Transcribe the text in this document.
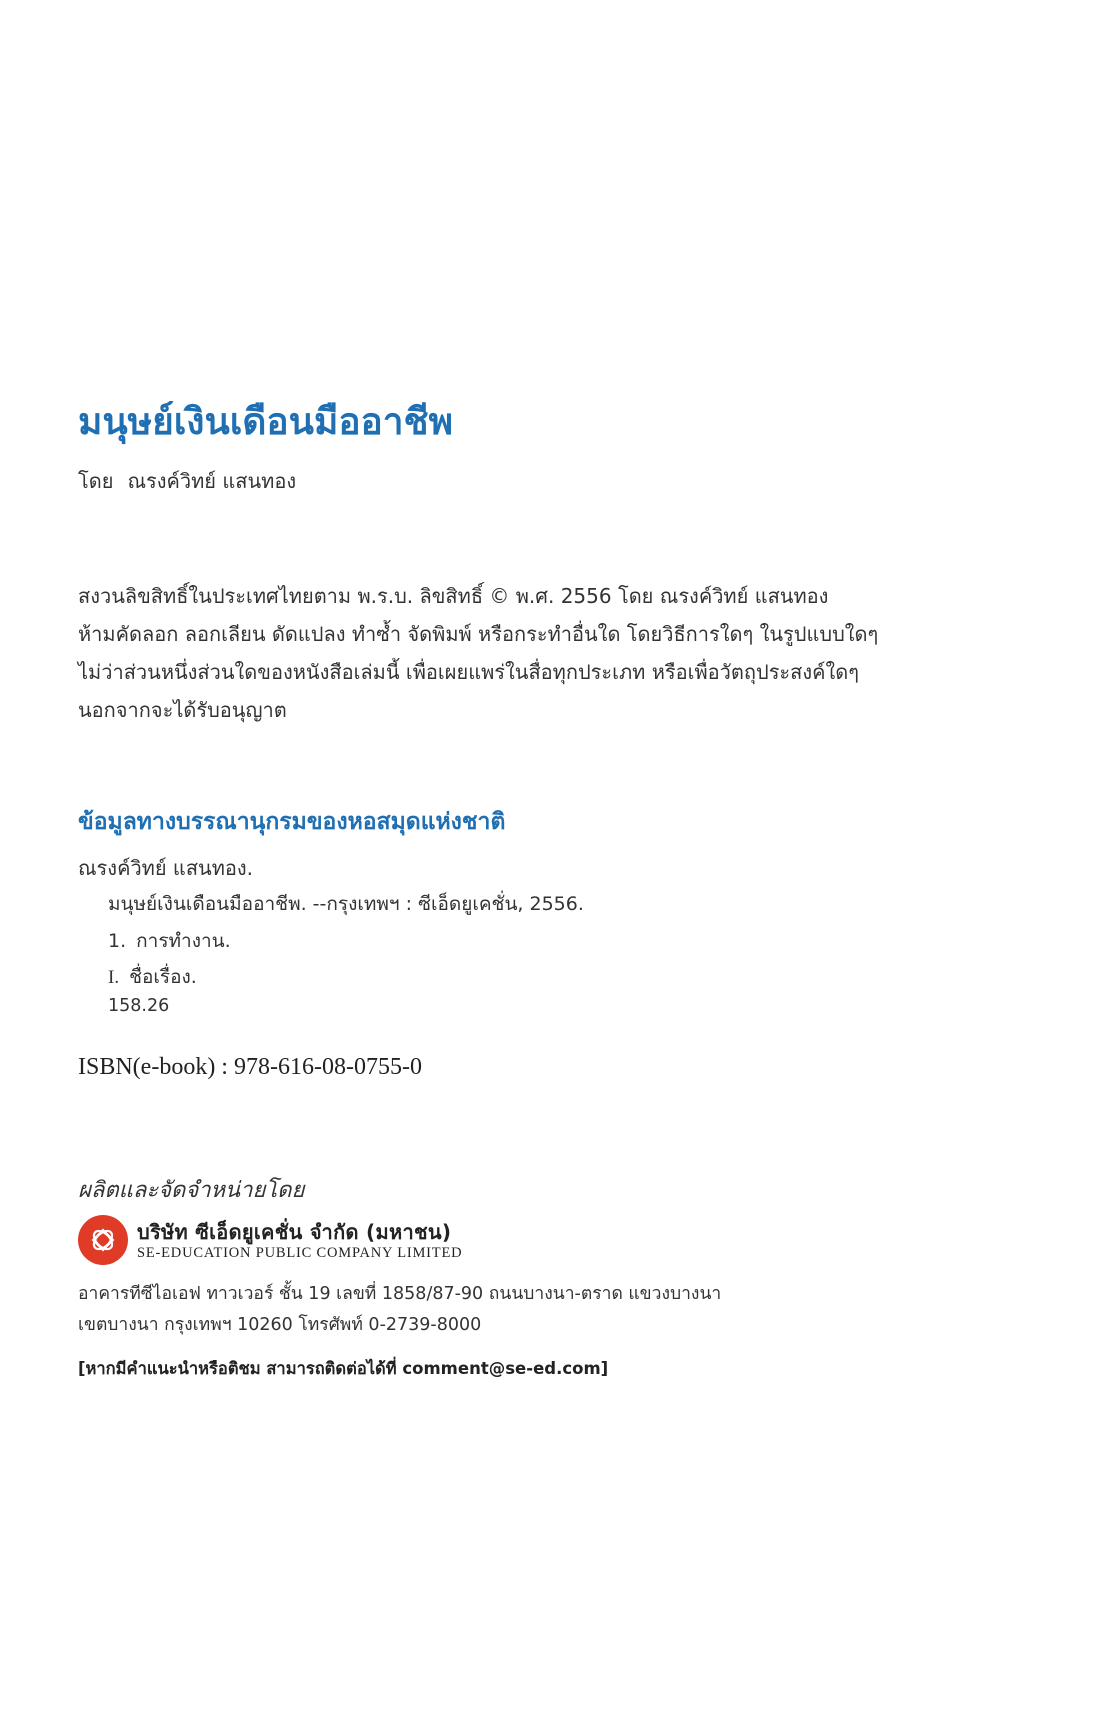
มนุษย์เงินเดือนมืออาชีพ
โดย ณรงค์วิทย์ แสนทอง
สงวนลิขสิทธิ์ในประเทศไทยตาม พ.ร.บ. ลิขสิทธิ์ © พ.ศ. 2556 โดย ณรงค์วิทย์ แสนทอง
ห้ามคัดลอก ลอกเลียน ดัดแปลง ทำซ้ำ จัดพิมพ์ หรือกระทำอื่นใด โดยวิธีการใดๆ ในรูปแบบใดๆ
ไม่ว่าส่วนหนึ่งส่วนใดของหนังสือเล่มนี้ เพื่อเผยแพร่ในสื่อทุกประเภท หรือเพื่อวัตถุประสงค์ใดๆ
นอกจากจะได้รับอนุญาต
ข้อมูลทางบรรณานุกรมของหอสมุดแห่งชาติ
ณรงค์วิทย์ แสนทอง.
มนุษย์เงินเดือนมืออาชีพ. --กรุงเทพฯ : ซีเอ็ดยูเคชั่น, 2556.
1. การทำงาน.
I. ชื่อเรื่อง.
158.26
ISBN(e-book) : 978-616-08-0755-0
ผลิตและจัดจำหน่ายโดย
บริษัท ซีเอ็ดยูเคชั่น จำกัด (มหาชน)
SE-EDUCATION PUBLIC COMPANY LIMITED
อาคารทีซีไอเอฟ ทาวเวอร์ ชั้น 19 เลขที่ 1858/87-90 ถนนบางนา-ตราด แขวงบางนา
เขตบางนา กรุงเทพฯ 10260 โทรศัพท์ 0-2739-8000
[หากมีคำแนะนำหรือติชม สามารถติดต่อได้ที่ comment@se-ed.com]
